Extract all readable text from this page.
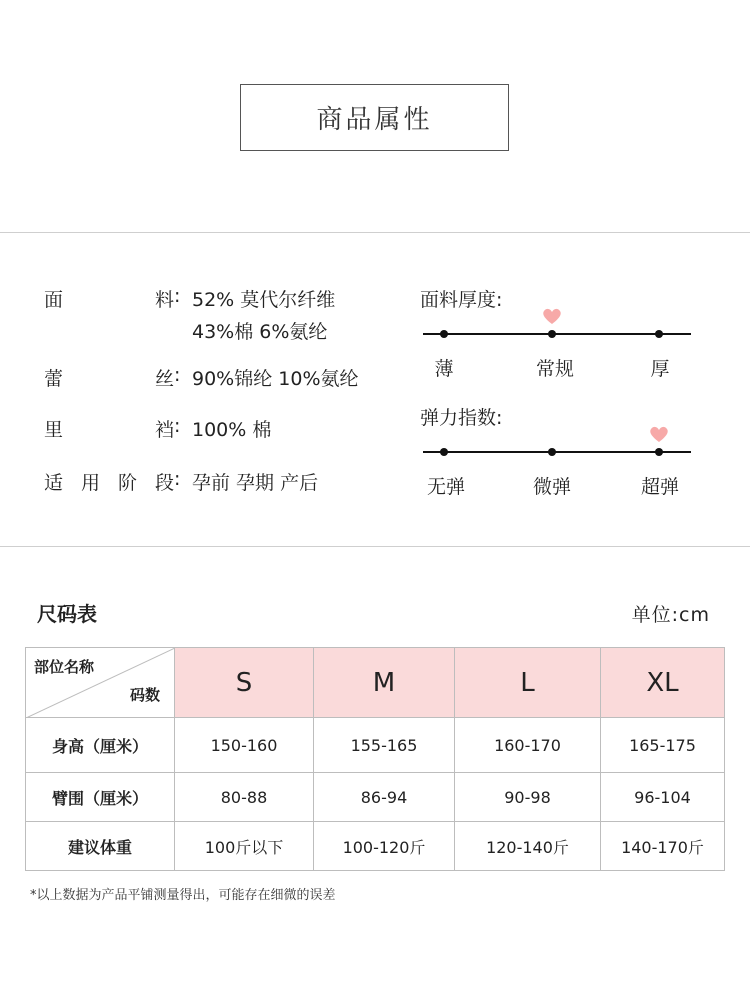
商品属性
面	料 : 52% 莫代尔纤维
43%棉 6%氨纶
蕾	丝 : 90%锦纶 10%氨纶
里	裆 : 100% 棉
适 用 阶 段 : 孕前 孕期 产后
面料厚度:
薄	常规	厚
弹力指数:
无弹	微弹	超弹
尺码表	单位:cm
部位名称
码数	S	M	L	XL
身高（厘米）	150-160	155-165	160-170	165-175
臂围（厘米）	80-88	86-94	90-98	96-104
建议体重	100斤以下	100-120斤	120-140斤	140-170斤
*以上数据为产品平铺测量得出，可能存在细微的误差
